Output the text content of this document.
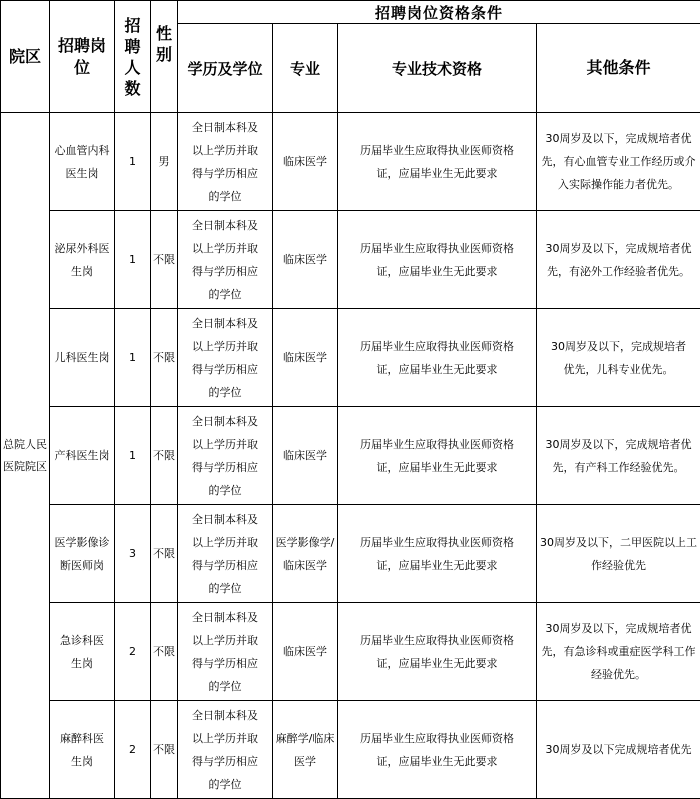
院区	招聘岗位	招聘人数	性别	招聘岗位资格条件			
				学历及学位	专业	专业技术资格	其他条件

总院人民医院院区	心血管内科医生岗	1	男	全日制本科及以上学历并取得与学历相应的学位	临床医学	历届毕业生应取得执业医师资格证，应届毕业生无此要求	30周岁及以下，完成规培者优先，有心血管专业工作经历或介入实际操作能力者优先。

	泌尿外科医生岗	1	不限	全日制本科及以上学历并取得与学历相应的学位	临床医学	历届毕业生应取得执业医师资格证，应届毕业生无此要求	30周岁及以下，完成规培者优先，有泌外工作经验者优先。

	儿科医生岗	1	不限	全日制本科及以上学历并取得与学历相应的学位	临床医学	历届毕业生应取得执业医师资格证，应届毕业生无此要求	30周岁及以下，完成规培者优先，儿科专业优先。

	产科医生岗	1	不限	全日制本科及以上学历并取得与学历相应的学位	临床医学	历届毕业生应取得执业医师资格证，应届毕业生无此要求	30周岁及以下，完成规培者优先，有产科工作经验优先。

	医学影像诊断医师岗	3	不限	全日制本科及以上学历并取得与学历相应的学位	医学影像学/临床医学	历届毕业生应取得执业医师资格证，应届毕业生无此要求	30周岁及以下，二甲医院以上工作经验优先

	急诊科医生岗	2	不限	全日制本科及以上学历并取得与学历相应的学位	临床医学	历届毕业生应取得执业医师资格证，应届毕业生无此要求	30周岁及以下，完成规培者优先，有急诊科或重症医学科工作经验优先。

	麻醉科医生岗	2	不限	全日制本科及以上学历并取得与学历相应的学位	麻醉学/临床医学	历届毕业生应取得执业医师资格证，应届毕业生无此要求	30周岁及以下完成规培者优先
